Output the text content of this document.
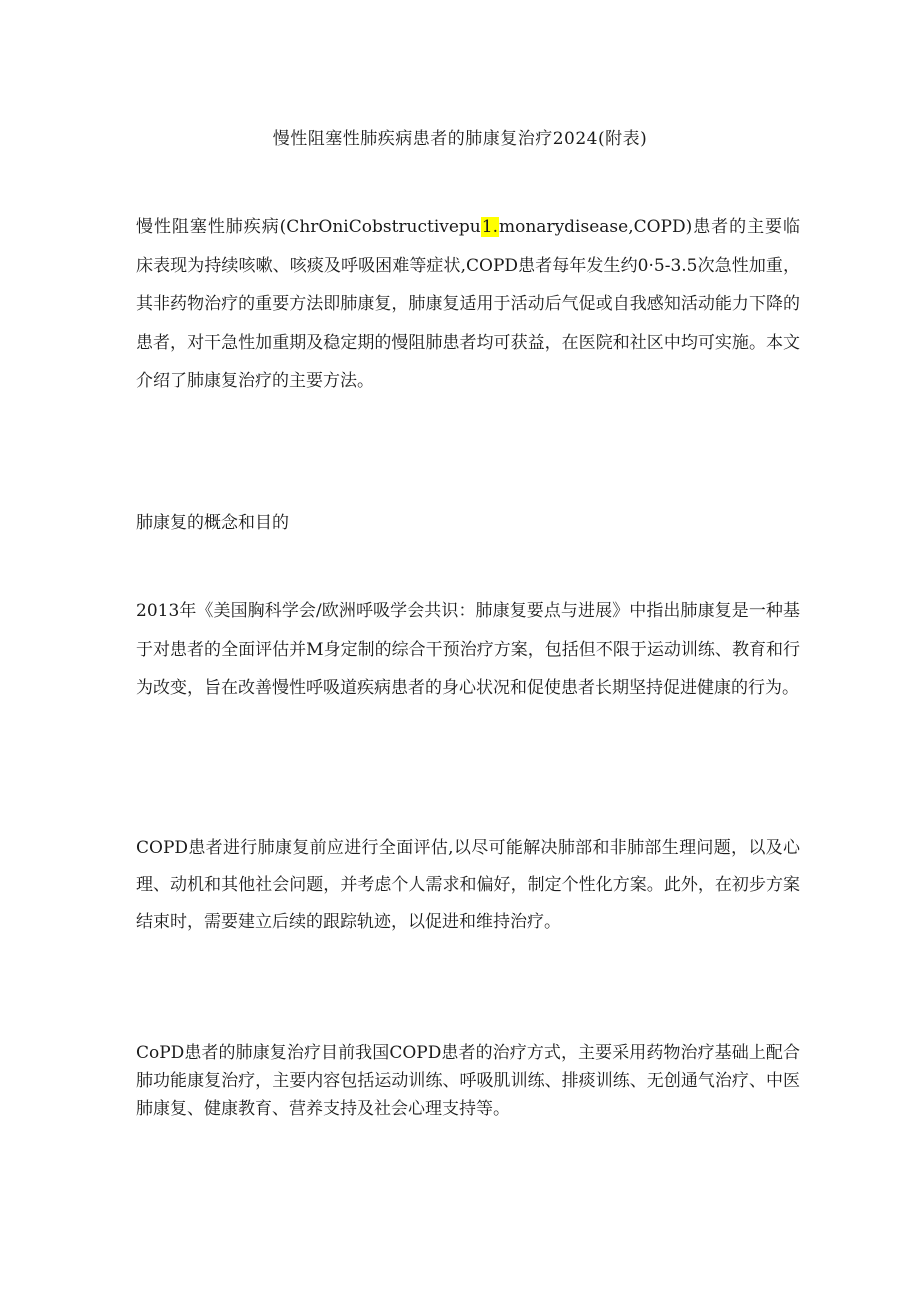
慢性阻塞性肺疾病患者的肺康复治疗2024(附表)

慢性阻塞性肺疾病(ChrOniCobstructivepu1.monarydisease,COPD)患者的主要临床表现为持续咳嗽、咳痰及呼吸困难等症状,COPD患者每年发生约0·5-3.5次急性加重，其非药物治疗的重要方法即肺康复，肺康复适用于活动后气促或自我感知活动能力下降的患者，对干急性加重期及稳定期的慢阻肺患者均可获益，在医院和社区中均可实施。本文介绍了肺康复治疗的主要方法。

肺康复的概念和目的

2013年《美国胸科学会/欧洲呼吸学会共识：肺康复要点与进展》中指出肺康复是一种基于对患者的全面评估并M身定制的综合干预治疗方案，包括但不限于运动训练、教育和行为改变，旨在改善慢性呼吸道疾病患者的身心状况和促使患者长期坚持促进健康的行为。

COPD患者进行肺康复前应进行全面评估,以尽可能解决肺部和非肺部生理问题，以及心理、动机和其他社会问题，并考虑个人需求和偏好，制定个性化方案。此外，在初步方案结束时，需要建立后续的跟踪轨迹，以促进和维持治疗。

CoPD患者的肺康复治疗目前我国COPD患者的治疗方式，主要采用药物治疗基础上配合肺功能康复治疗，主要内容包括运动训练、呼吸肌训练、排痰训练、无创通气治疗、中医肺康复、健康教育、营养支持及社会心理支持等。
